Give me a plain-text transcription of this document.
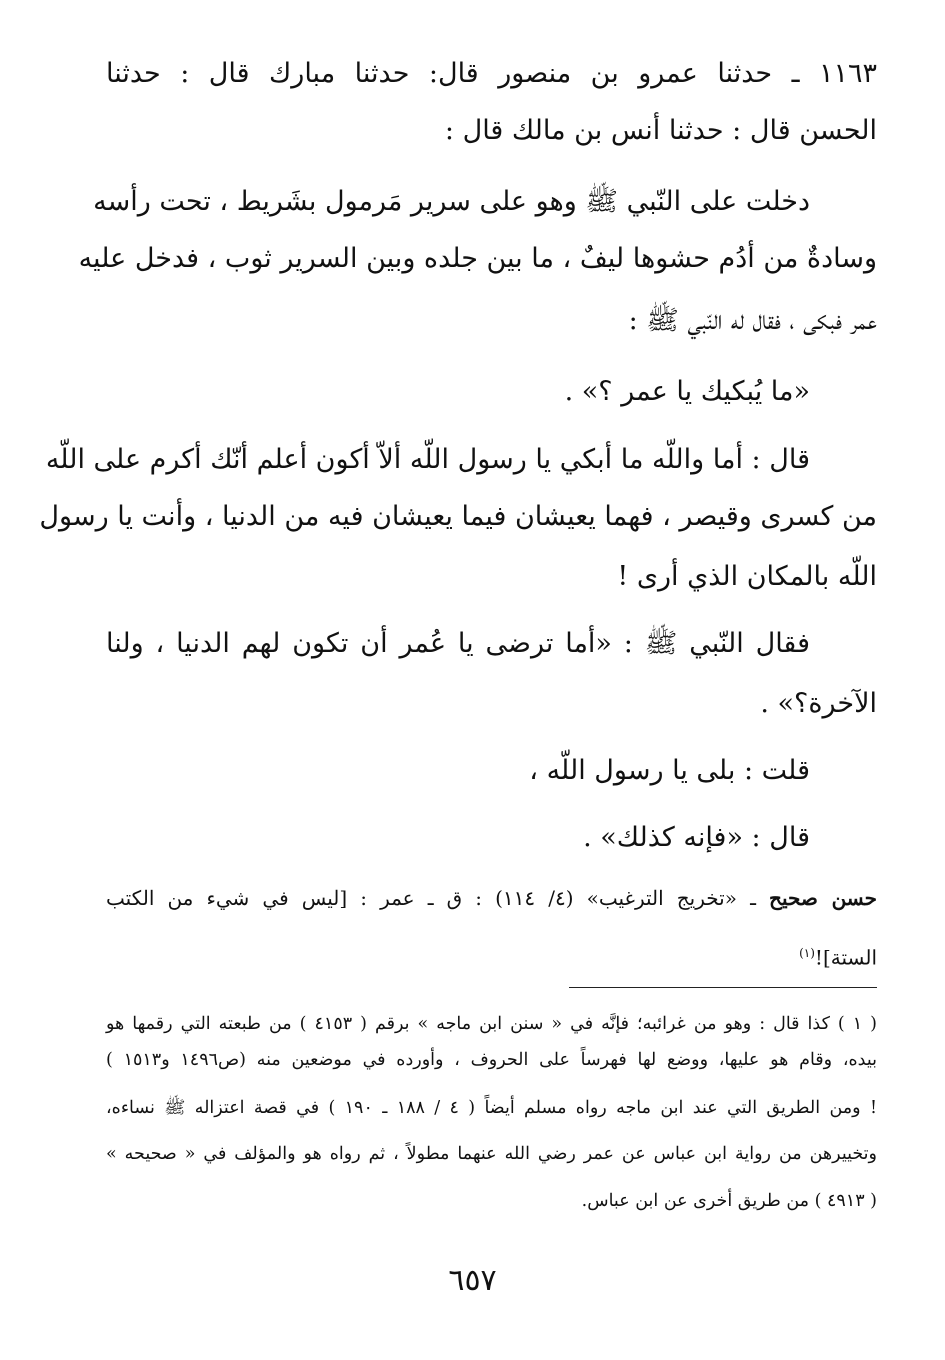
١١٦٣ ـ حدثنا عمرو بن منصور قال: حدثنا مبارك قال : حدثنا

الحسن قال : حدثنا أنس بن مالك قال :

دخلت على النّبي ﷺ وهو على سرير مَرمول بشَريط ، تحت رأسه

وسادةٌ من أدُم حشوها ليفٌ ، ما بين جلده وبين السرير ثوب ، فدخل عليه

عمر فبكى ، فقال له النّبي ﷺ :

«ما يُبكيك يا عمر ؟» .

قال : أما واللّه ما أبكي يا رسول اللّه ألاّ أكون أعلم أنّك أكرم على اللّه

من كسرى وقيصر ، فهما يعيشان فيما يعيشان فيه من الدنيا ، وأنت يا رسول

اللّه بالمكان الذي أرى !

فقال النّبي ﷺ : «أما ترضى يا عُمر أن تكون لهم الدنيا ، ولنا

الآخرة؟» .

قلت : بلى يا رسول اللّه ،

قال : «فإنه كذلك» .

حسن صحيح ـ «تخريج الترغيب» (٤/ ١١٤) : ق ـ عمر : [ليس في شيء من الكتب

الستة]!$^{(١)}$

( ١ ) كذا قال : وهو من غرائبه؛ فإنَّه في « سنن ابن ماجه » برقم ( ٤١٥٣ ) من طبعته التي رقمها هو

بيده، وقام هو عليها، ووضع لها فهرساً على الحروف ، وأورده في موضعين منه (ص١٤٩٦ و١٥١٣ )

! ومن الطريق التي عند ابن ماجه رواه مسلم أيضاً ( ٤ / ١٨٨ ـ ١٩٠ ) في قصة اعتزاله ﷺ نساءه،

وتخييرهن من رواية ابن عباس عن عمر رضي الله عنهما مطولاً ، ثم رواه هو والمؤلف في « صحيحه »

( ٤٩١٣ ) من طريق أخرى عن ابن عباس.

٦٥٧
